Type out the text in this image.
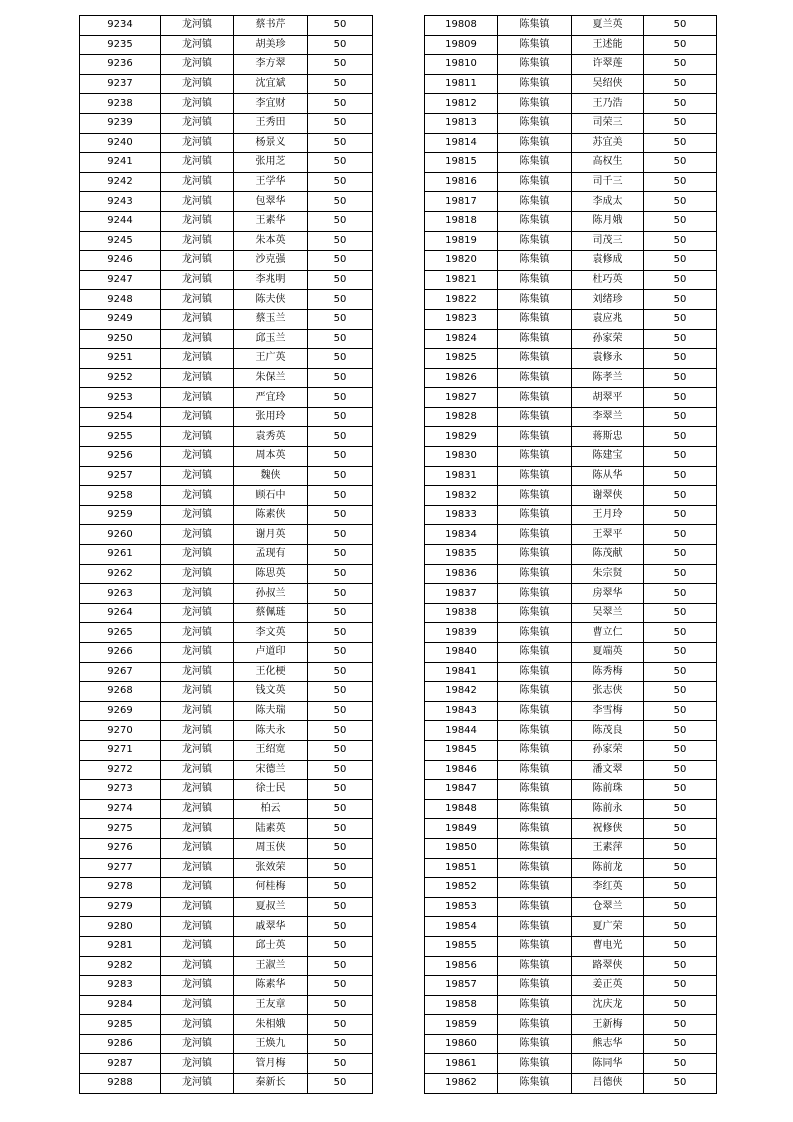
9234	龙河镇	蔡书芹	50
9235	龙河镇	胡美珍	50
9236	龙河镇	李方翠	50
9237	龙河镇	沈宜斌	50
9238	龙河镇	李宜财	50
9239	龙河镇	王秀田	50
9240	龙河镇	杨景义	50
9241	龙河镇	张用芝	50
9242	龙河镇	王学华	50
9243	龙河镇	包翠华	50
9244	龙河镇	王素华	50
9245	龙河镇	朱本英	50
9246	龙河镇	沙克强	50
9247	龙河镇	李兆明	50
9248	龙河镇	陈夫侠	50
9249	龙河镇	蔡玉兰	50
9250	龙河镇	邱玉兰	50
9251	龙河镇	王广英	50
9252	龙河镇	朱保兰	50
9253	龙河镇	严宜玲	50
9254	龙河镇	张用玲	50
9255	龙河镇	袁秀英	50
9256	龙河镇	周本英	50
9257	龙河镇	魏侠	50
9258	龙河镇	顾石中	50
9259	龙河镇	陈素侠	50
9260	龙河镇	谢月英	50
9261	龙河镇	孟现有	50
9262	龙河镇	陈思英	50
9263	龙河镇	孙叔兰	50
9264	龙河镇	蔡佩琏	50
9265	龙河镇	李文英	50
9266	龙河镇	卢道印	50
9267	龙河镇	王化梗	50
9268	龙河镇	钱文英	50
9269	龙河镇	陈夫瑞	50
9270	龙河镇	陈夫永	50
9271	龙河镇	王绍宽	50
9272	龙河镇	宋德兰	50
9273	龙河镇	徐士民	50
9274	龙河镇	柏云	50
9275	龙河镇	陆素英	50
9276	龙河镇	周玉侠	50
9277	龙河镇	张效荣	50
9278	龙河镇	何桂梅	50
9279	龙河镇	夏叔兰	50
9280	龙河镇	戚翠华	50
9281	龙河镇	邱士英	50
9282	龙河镇	王淑兰	50
9283	龙河镇	陈素华	50
9284	龙河镇	王友章	50
9285	龙河镇	朱相娥	50
9286	龙河镇	王焕九	50
9287	龙河镇	管月梅	50
9288	龙河镇	秦新长	50
19808	陈集镇	夏兰英	50
19809	陈集镇	王述能	50
19810	陈集镇	许翠莲	50
19811	陈集镇	吴绍侠	50
19812	陈集镇	王乃浩	50
19813	陈集镇	司荣三	50
19814	陈集镇	苏宜美	50
19815	陈集镇	高权生	50
19816	陈集镇	司千三	50
19817	陈集镇	李成太	50
19818	陈集镇	陈月娥	50
19819	陈集镇	司茂三	50
19820	陈集镇	袁修成	50
19821	陈集镇	杜巧英	50
19822	陈集镇	刘绪珍	50
19823	陈集镇	袁应兆	50
19824	陈集镇	孙家荣	50
19825	陈集镇	袁修永	50
19826	陈集镇	陈孝兰	50
19827	陈集镇	胡翠平	50
19828	陈集镇	李翠兰	50
19829	陈集镇	蒋斯忠	50
19830	陈集镇	陈建宝	50
19831	陈集镇	陈从华	50
19832	陈集镇	谢翠侠	50
19833	陈集镇	王月玲	50
19834	陈集镇	王翠平	50
19835	陈集镇	陈茂献	50
19836	陈集镇	朱宗贤	50
19837	陈集镇	房翠华	50
19838	陈集镇	吴翠兰	50
19839	陈集镇	曹立仁	50
19840	陈集镇	夏端英	50
19841	陈集镇	陈秀梅	50
19842	陈集镇	张志侠	50
19843	陈集镇	李雪梅	50
19844	陈集镇	陈茂良	50
19845	陈集镇	孙家荣	50
19846	陈集镇	潘文翠	50
19847	陈集镇	陈前珠	50
19848	陈集镇	陈前永	50
19849	陈集镇	祝修侠	50
19850	陈集镇	王素萍	50
19851	陈集镇	陈前龙	50
19852	陈集镇	李红英	50
19853	陈集镇	仓翠兰	50
19854	陈集镇	夏广荣	50
19855	陈集镇	曹电光	50
19856	陈集镇	路翠侠	50
19857	陈集镇	姜正英	50
19858	陈集镇	沈庆龙	50
19859	陈集镇	王新梅	50
19860	陈集镇	熊志华	50
19861	陈集镇	陈同华	50
19862	陈集镇	吕德侠	50
